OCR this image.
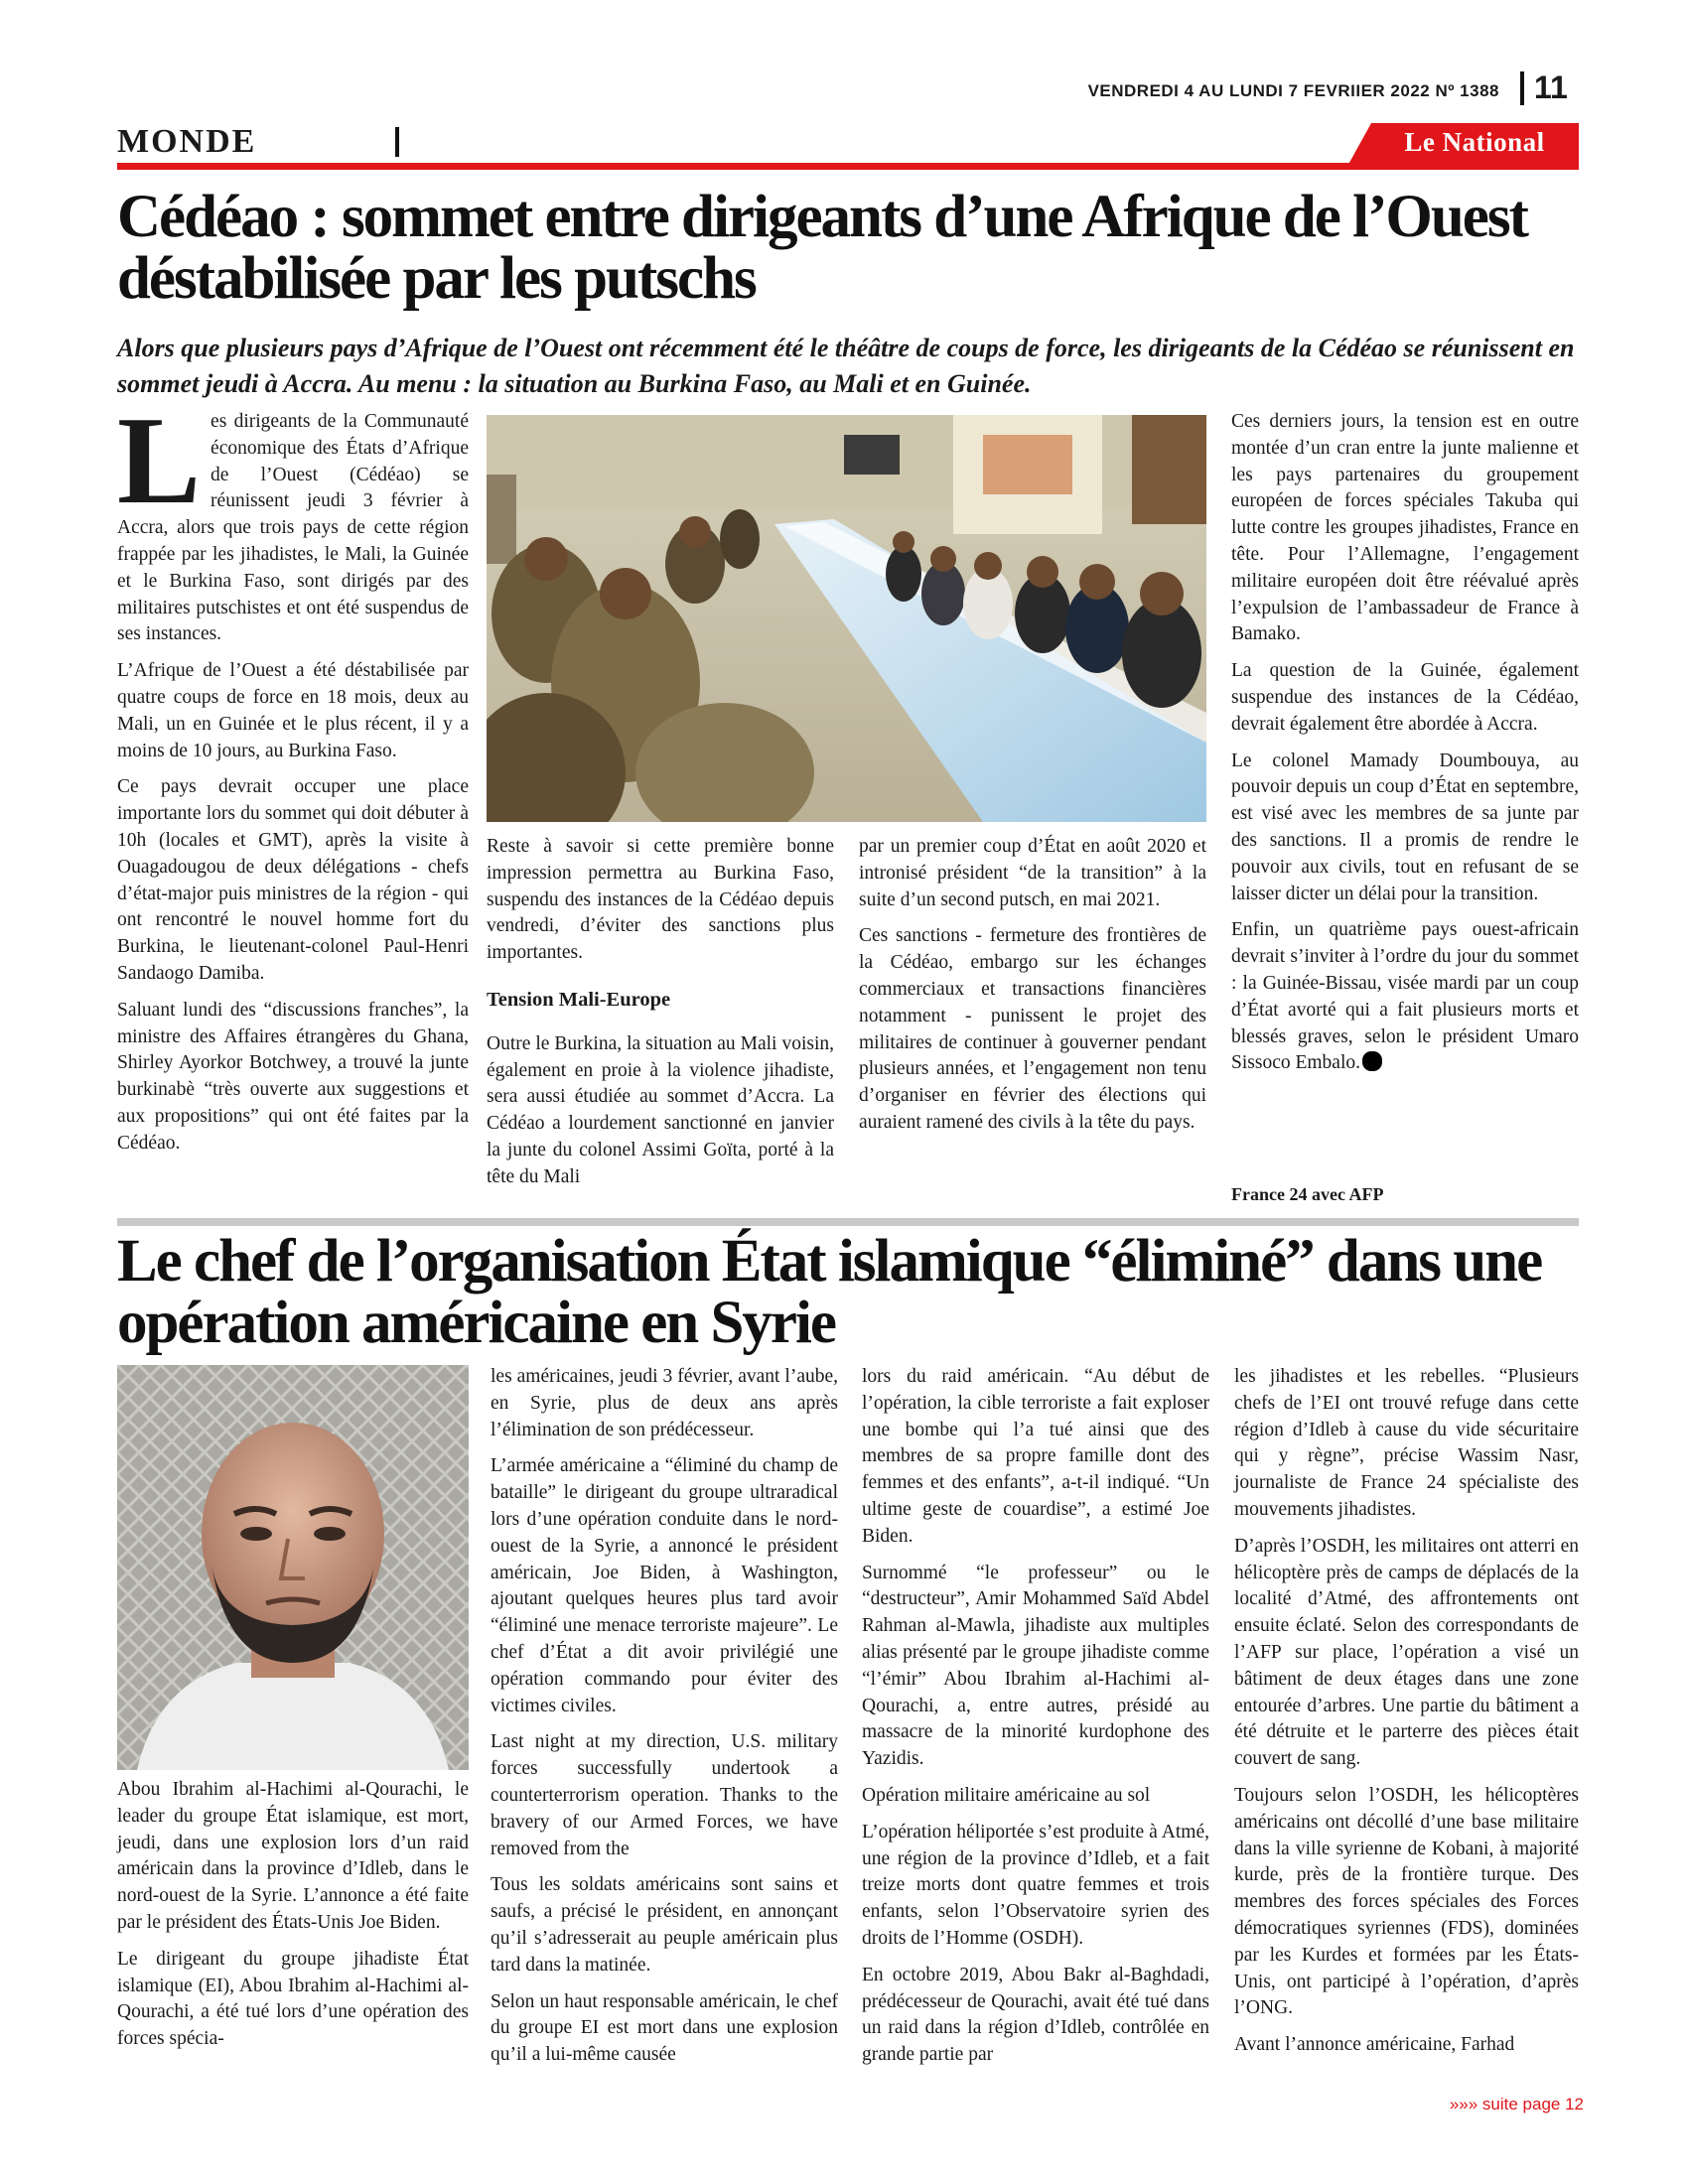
VENDREDI 4 AU LUNDI 7 FEVRIIER 2022 Nº 1388 11
MONDE	Le National
Cédéao : sommet entre dirigeants d’une Afrique de l’Ouest déstabilisée par les putschs

Alors que plusieurs pays d’Afrique de l’Ouest ont récemment été le théâtre de coups de force, les dirigeants de la Cédéao se réunissent en sommet jeudi à Accra. Au menu : la situation au Burkina Faso, au Mali et en Guinée.

Les dirigeants de la Communauté économique des États d’Afrique de l’Ouest (Cédéao) se réunissent jeudi 3 février à Accra, alors que trois pays de cette région frappée par les jihadistes, le Mali, la Guinée et le Burkina Faso, sont dirigés par des militaires putschistes et ont été suspendus de ses instances.

L’Afrique de l’Ouest a été déstabilisée par quatre coups de force en 18 mois, deux au Mali, un en Guinée et le plus récent, il y a moins de 10 jours, au Burkina Faso.

Ce pays devrait occuper une place importante lors du sommet qui doit débuter à 10h (locales et GMT), après la visite à Ouagadougou de deux délégations - chefs d’état-major puis ministres de la région - qui ont rencontré le nouvel homme fort du Burkina, le lieutenant-colonel Paul-Henri Sandaogo Damiba.

Saluant lundi des “discussions franches”, la ministre des Affaires étrangères du Ghana, Shirley Ayorkor Botchwey, a trouvé la junte burkinabè “très ouverte aux suggestions et aux propositions” qui ont été faites par la Cédéao.

Reste à savoir si cette première bonne impression permettra au Burkina Faso, suspendu des instances de la Cédéao depuis vendredi, d’éviter des sanctions plus importantes.

Tension Mali-Europe

Outre le Burkina, la situation au Mali voisin, également en proie à la violence jihadiste, sera aussi étudiée au sommet d’Accra. La Cédéao a lourdement sanctionné en janvier la junte du colonel Assimi Goïta, porté à la tête du Mali

par un premier coup d’État en août 2020 et intronisé président “de la transition” à la suite d’un second putsch, en mai 2021.

Ces sanctions - fermeture des frontières de la Cédéao, embargo sur les échanges commerciaux et transactions financières notamment - punissent le projet des militaires de continuer à gouverner pendant plusieurs années, et l’engagement non tenu d’organiser en février des élections qui auraient ramené des civils à la tête du pays.

Ces derniers jours, la tension est en outre montée d’un cran entre la junte malienne et les pays partenaires du groupement européen de forces spéciales Takuba qui lutte contre les groupes jihadistes, France en tête. Pour l’Allemagne, l’engagement militaire européen doit être réévalué après l’expulsion de l’ambassadeur de France à Bamako.

La question de la Guinée, également suspendue des instances de la Cédéao, devrait également être abordée à Accra.

Le colonel Mamady Doumbouya, au pouvoir depuis un coup d’État en septembre, est visé avec les membres de sa junte par des sanctions. Il a promis de rendre le pouvoir aux civils, tout en refusant de se laisser dicter un délai pour la transition.

Enfin, un quatrième pays ouest-africain devrait s’inviter à l’ordre du jour du sommet : la Guinée-Bissau, visée mardi par un coup d’État avorté qui a fait plusieurs morts et blessés graves, selon le président Umaro Sissoco Embalo.

France 24 avec AFP
Le chef de l’organisation État islamique “éliminé” dans une opération américaine en Syrie

Abou Ibrahim al-Hachimi al-Qourachi, le leader du groupe État islamique, est mort, jeudi, dans une explosion lors d’un raid américain dans la province d’Idleb, dans le nord-ouest de la Syrie. L’annonce a été faite par le président des États-Unis Joe Biden.

Le dirigeant du groupe jihadiste État islamique (EI), Abou Ibrahim al-Hachimi al-Qourachi, a été tué lors d’une opération des forces spécia-

les américaines, jeudi 3 février, avant l’aube, en Syrie, plus de deux ans après l’élimination de son prédécesseur.

L’armée américaine a “éliminé du champ de bataille” le dirigeant du groupe ultraradical lors d’une opération conduite dans le nord-ouest de la Syrie, a annoncé le président américain, Joe Biden, à Washington, ajoutant quelques heures plus tard avoir “éliminé une menace terroriste majeure”. Le chef d’État a dit avoir privilégié une opération commando pour éviter des victimes civiles.

Last night at my direction, U.S. military forces successfully undertook a counterterrorism operation. Thanks to the bravery of our Armed Forces, we have removed from the

Tous les soldats américains sont sains et saufs, a précisé le président, en annonçant qu’il s’adresserait au peuple américain plus tard dans la matinée.

Selon un haut responsable américain, le chef du groupe EI est mort dans une explosion qu’il a lui-même causée

lors du raid américain. “Au début de l’opération, la cible terroriste a fait exploser une bombe qui l’a tué ainsi que des membres de sa propre famille dont des femmes et des enfants”, a-t-il indiqué. “Un ultime geste de couardise”, a estimé Joe Biden.

Surnommé “le professeur” ou le “destructeur”, Amir Mohammed Saïd Abdel Rahman al-Mawla, jihadiste aux multiples alias présenté par le groupe jihadiste comme “l’émir” Abou Ibrahim al-Hachimi al-Qourachi, a, entre autres, présidé au massacre de la minorité kurdophone des Yazidis.

Opération militaire américaine au sol

L’opération héliportée s’est produite à Atmé, une région de la province d’Idleb, et a fait treize morts dont quatre femmes et trois enfants, selon l’Observatoire syrien des droits de l’Homme (OSDH).

En octobre 2019, Abou Bakr al-Baghdadi, prédécesseur de Qourachi, avait été tué dans un raid dans la région d’Idleb, contrôlée en grande partie par

les jihadistes et les rebelles. “Plusieurs chefs de l’EI ont trouvé refuge dans cette région d’Idleb à cause du vide sécuritaire qui y règne”, précise Wassim Nasr, journaliste de France 24 spécialiste des mouvements jihadistes.

D’après l’OSDH, les militaires ont atterri en hélicoptère près de camps de déplacés de la localité d’Atmé, des affrontements ont ensuite éclaté. Selon des correspondants de l’AFP sur place, l’opération a visé un bâtiment de deux étages dans une zone entourée d’arbres. Une partie du bâtiment a été détruite et le parterre des pièces était couvert de sang.

Toujours selon l’OSDH, les hélicoptères américains ont décollé d’une base militaire dans la ville syrienne de Kobani, à majorité kurde, près de la frontière turque. Des membres des forces spéciales des Forces démocratiques syriennes (FDS), dominées par les Kurdes et formées par les États-Unis, ont participé à l’opération, d’après l’ONG.

Avant l’annonce américaine, Farhad

»»» suite page 12
